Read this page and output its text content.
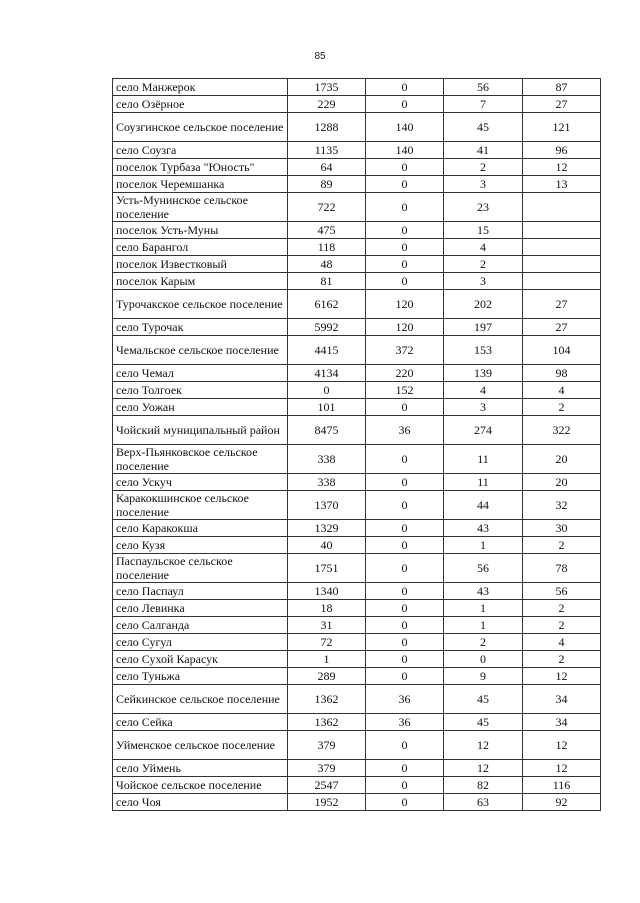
85
село Манжерок	1735	0	56	87
село Озёрное	229	0	7	27
Соузгинское сельское поселение	1288	140	45	121
село Соузга	1135	140	41	96
поселок Турбаза "Юность"	64	0	2	12
поселок Черемшанка	89	0	3	13
Усть-Мунинское сельское поселение	722	0	23	
поселок Усть-Муны	475	0	15	
село Барангол	118	0	4	
поселок Известковый	48	0	2	
поселок Карым	81	0	3	
Турочакское сельское поселение	6162	120	202	27
село Турочак	5992	120	197	27
Чемальское сельское поселение	4415	372	153	104
село Чемал	4134	220	139	98
село Толгоек	0	152	4	4
село Уожан	101	0	3	2
Чойский муниципальный район	8475	36	274	322
Верх-Пьянковское сельское поселение	338	0	11	20
село Ускуч	338	0	11	20
Каракокшинское сельское поселение	1370	0	44	32
село Каракокша	1329	0	43	30
село Кузя	40	0	1	2
Паспаульское сельское поселение	1751	0	56	78
село Паспаул	1340	0	43	56
село Левинка	18	0	1	2
село Салганда	31	0	1	2
село Сугул	72	0	2	4
село Сухой Карасук	1	0	0	2
село Туньжа	289	0	9	12
Сейкинское сельское поселение	1362	36	45	34
село Сейка	1362	36	45	34
Уйменское сельское поселение	379	0	12	12
село Уймень	379	0	12	12
Чойское сельское поселение	2547	0	82	116
село Чоя	1952	0	63	92
